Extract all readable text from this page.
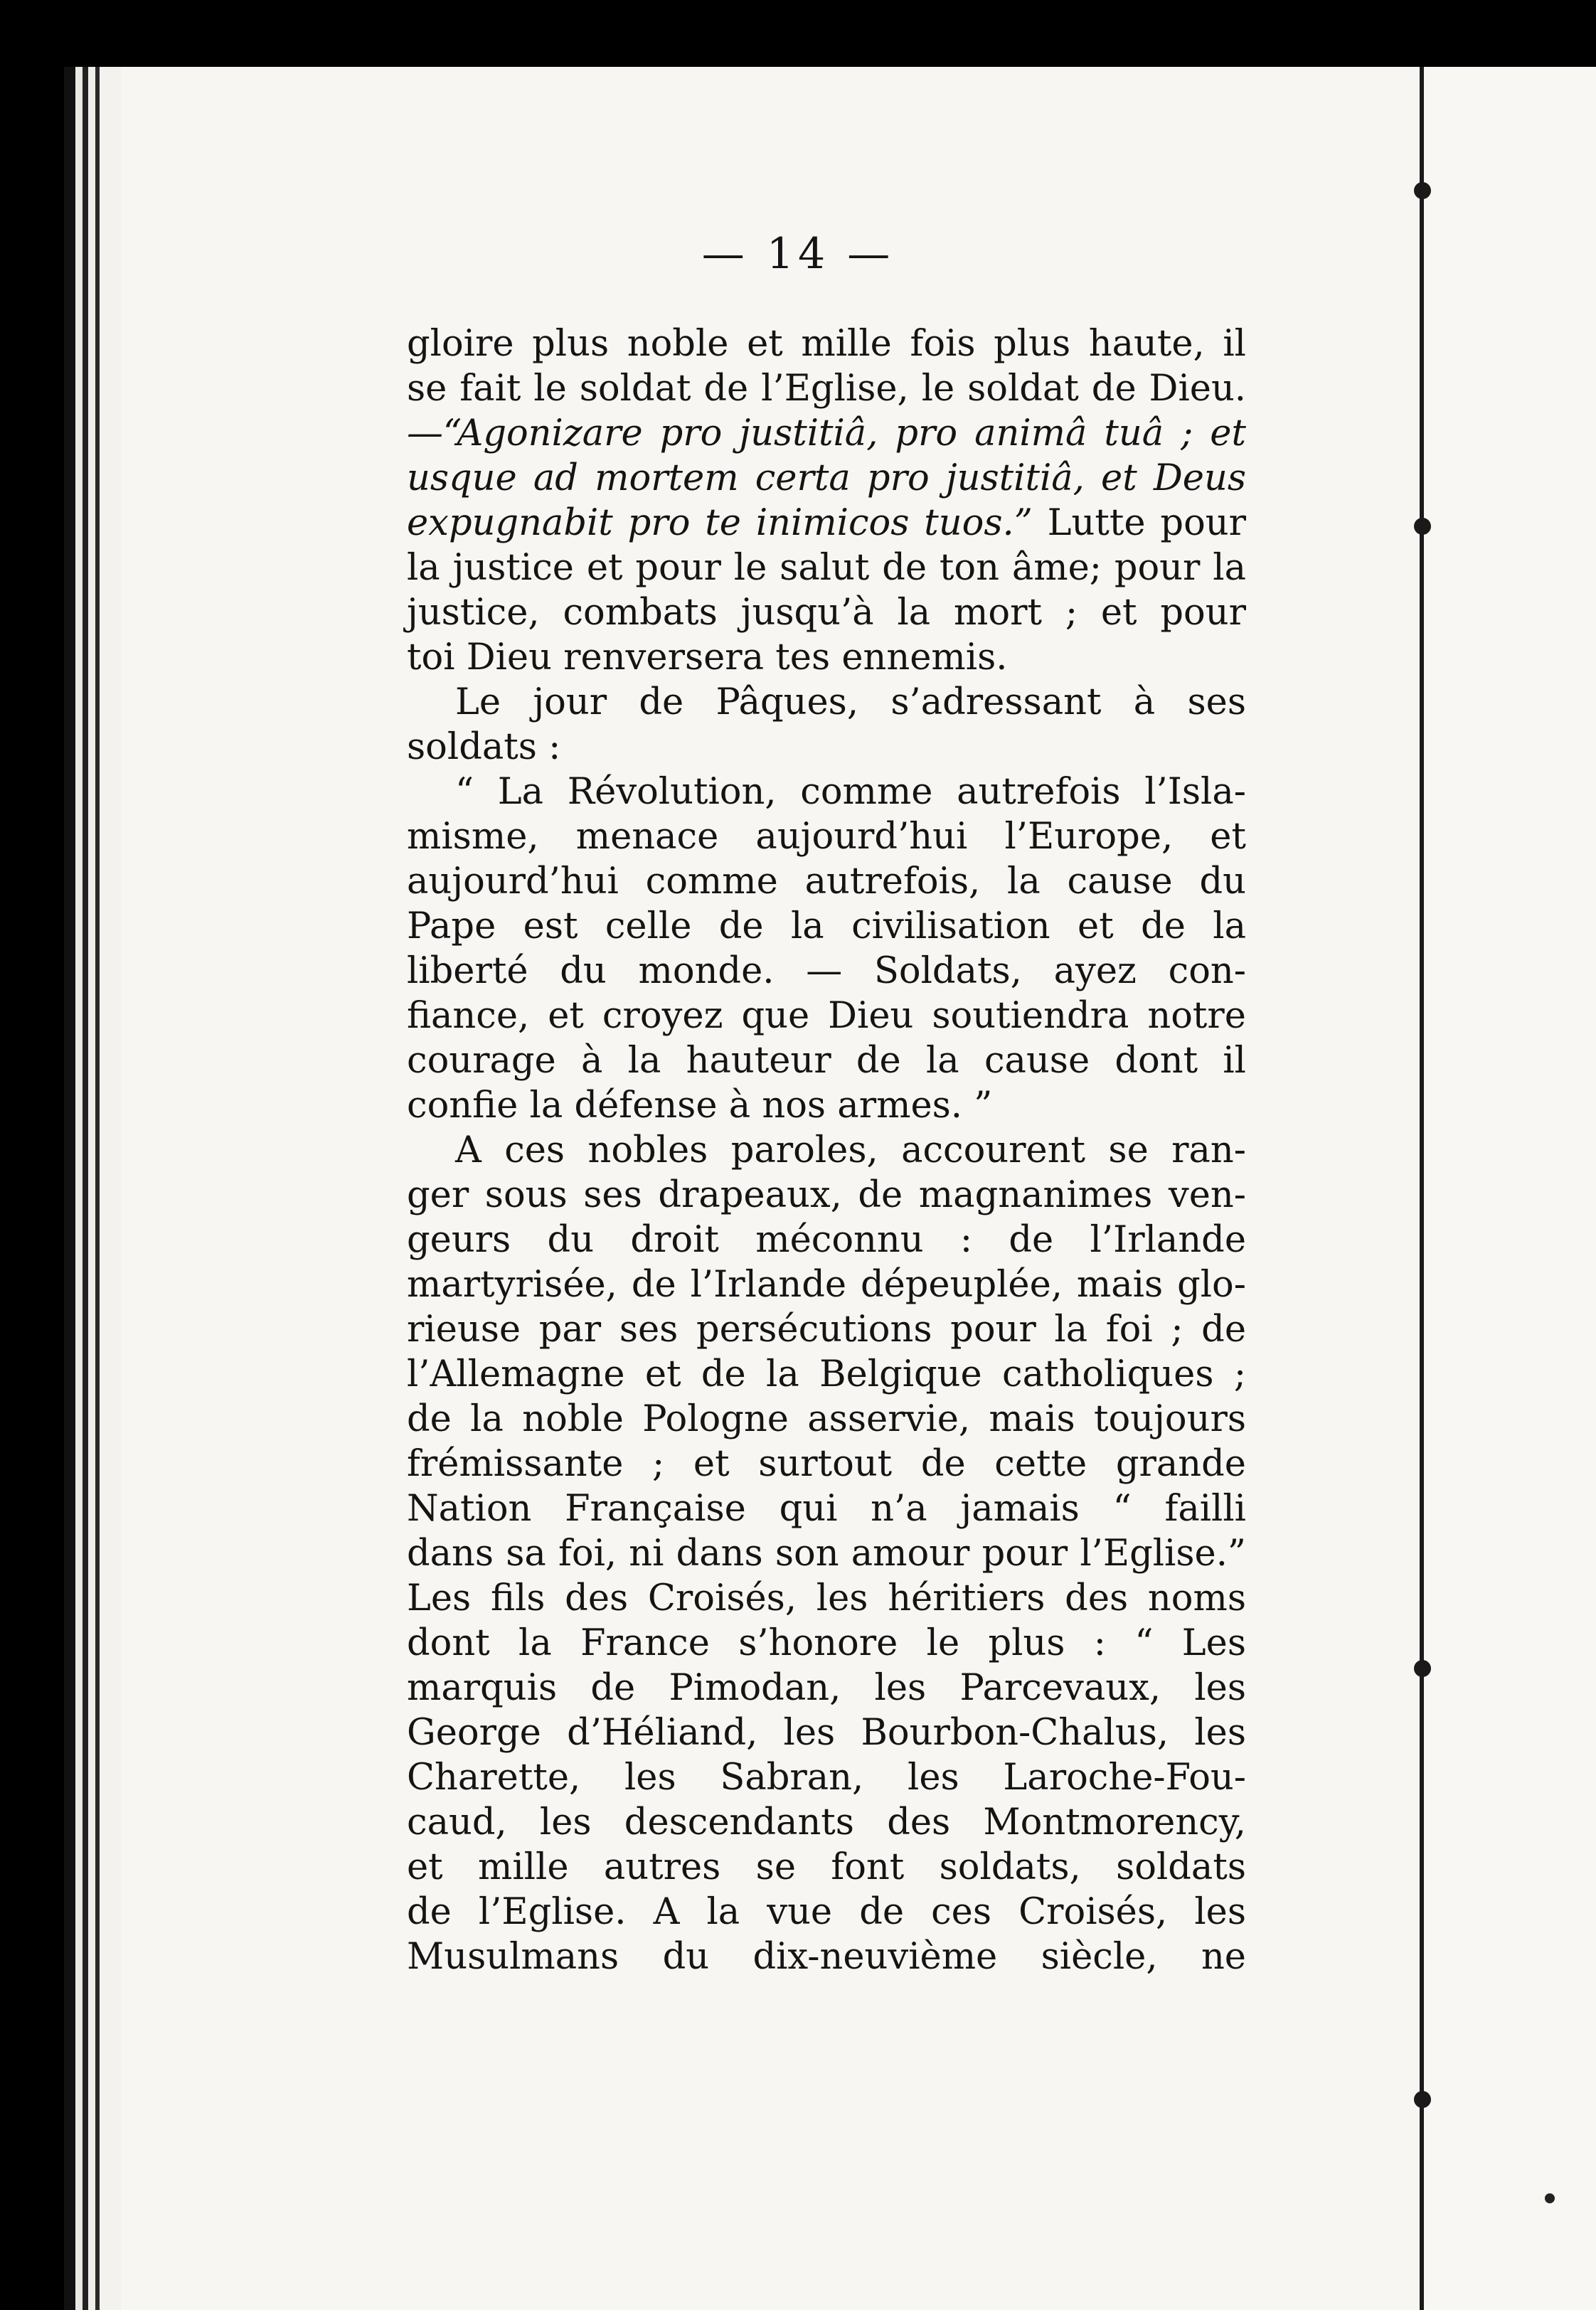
— 14 —
gloire plus noble et mille fois plus haute, il
se fait le soldat de l’Eglise, le soldat de Dieu.
—“Agonizare pro justitiâ, pro animâ tuâ ; et
usque ad mortem certa pro justitiâ, et Deus
expugnabit pro te inimicos tuos.” Lutte pour
la justice et pour le salut de ton âme; pour la
justice, combats jusqu’à la mort ; et pour
toi Dieu renversera tes ennemis.
Le jour de Pâques, s’adressant à ses
soldats :
“ La Révolution, comme autrefois l’Isla-
misme, menace aujourd’hui l’Europe, et
aujourd’hui comme autrefois, la cause du
Pape est celle de la civilisation et de la
liberté du monde. — Soldats, ayez con-
fiance, et croyez que Dieu soutiendra notre
courage à la hauteur de la cause dont il
confie la défense à nos armes. ”
A ces nobles paroles, accourent se ran-
ger sous ses drapeaux, de magnanimes ven-
geurs du droit méconnu : de l’Irlande
martyrisée, de l’Irlande dépeuplée, mais glo-
rieuse par ses persécutions pour la foi ; de
l’Allemagne et de la Belgique catholiques ;
de la noble Pologne asservie, mais toujours
frémissante ; et surtout de cette grande
Nation Française qui n’a jamais “ failli
dans sa foi, ni dans son amour pour l’Eglise.”
Les fils des Croisés, les héritiers des noms
dont la France s’honore le plus : “ Les
marquis de Pimodan, les Parcevaux, les
George d’Héliand, les Bourbon-Chalus, les
Charette, les Sabran, les Laroche-Fou-
caud, les descendants des Montmorency,
et mille autres se font soldats, soldats
de l’Eglise. A la vue de ces Croisés, les
Musulmans du dix-neuvième siècle, ne
